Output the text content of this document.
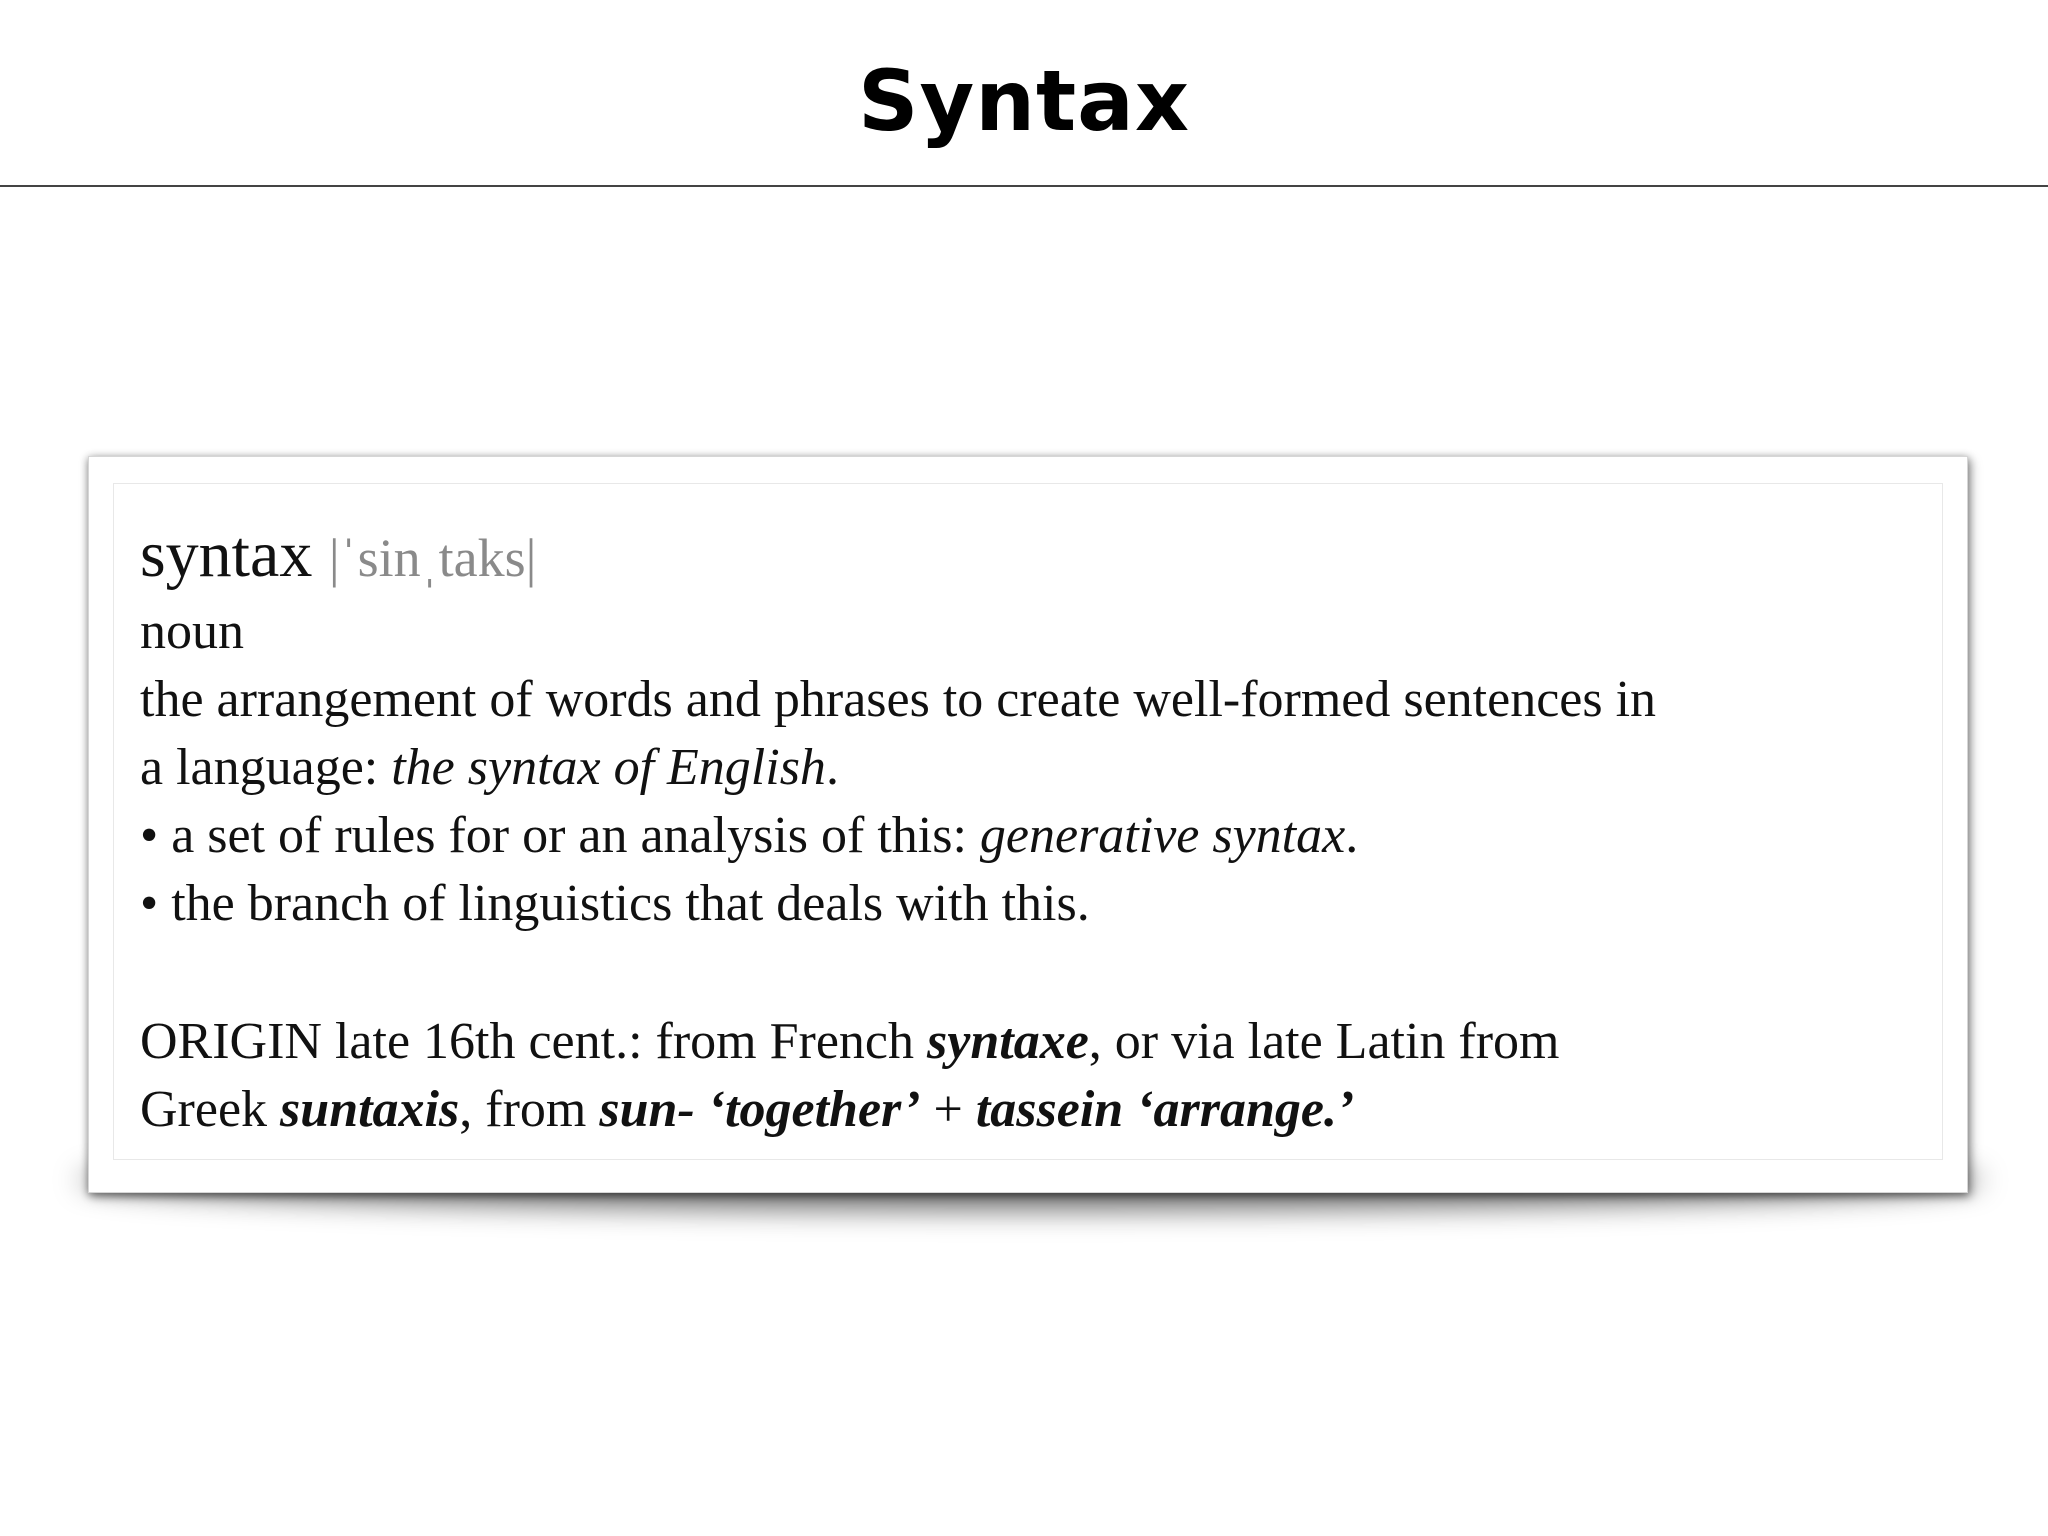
Syntax
syntax |ˈsinˌtaks|
noun
the arrangement of words and phrases to create well-formed sentences in
a language: the syntax of English.
• a set of rules for or an analysis of this: generative syntax.
• the branch of linguistics that deals with this.
ORIGIN late 16th cent.: from French syntaxe, or via late Latin from
Greek suntaxis, from sun- ‘together’ + tassein ‘arrange.’
